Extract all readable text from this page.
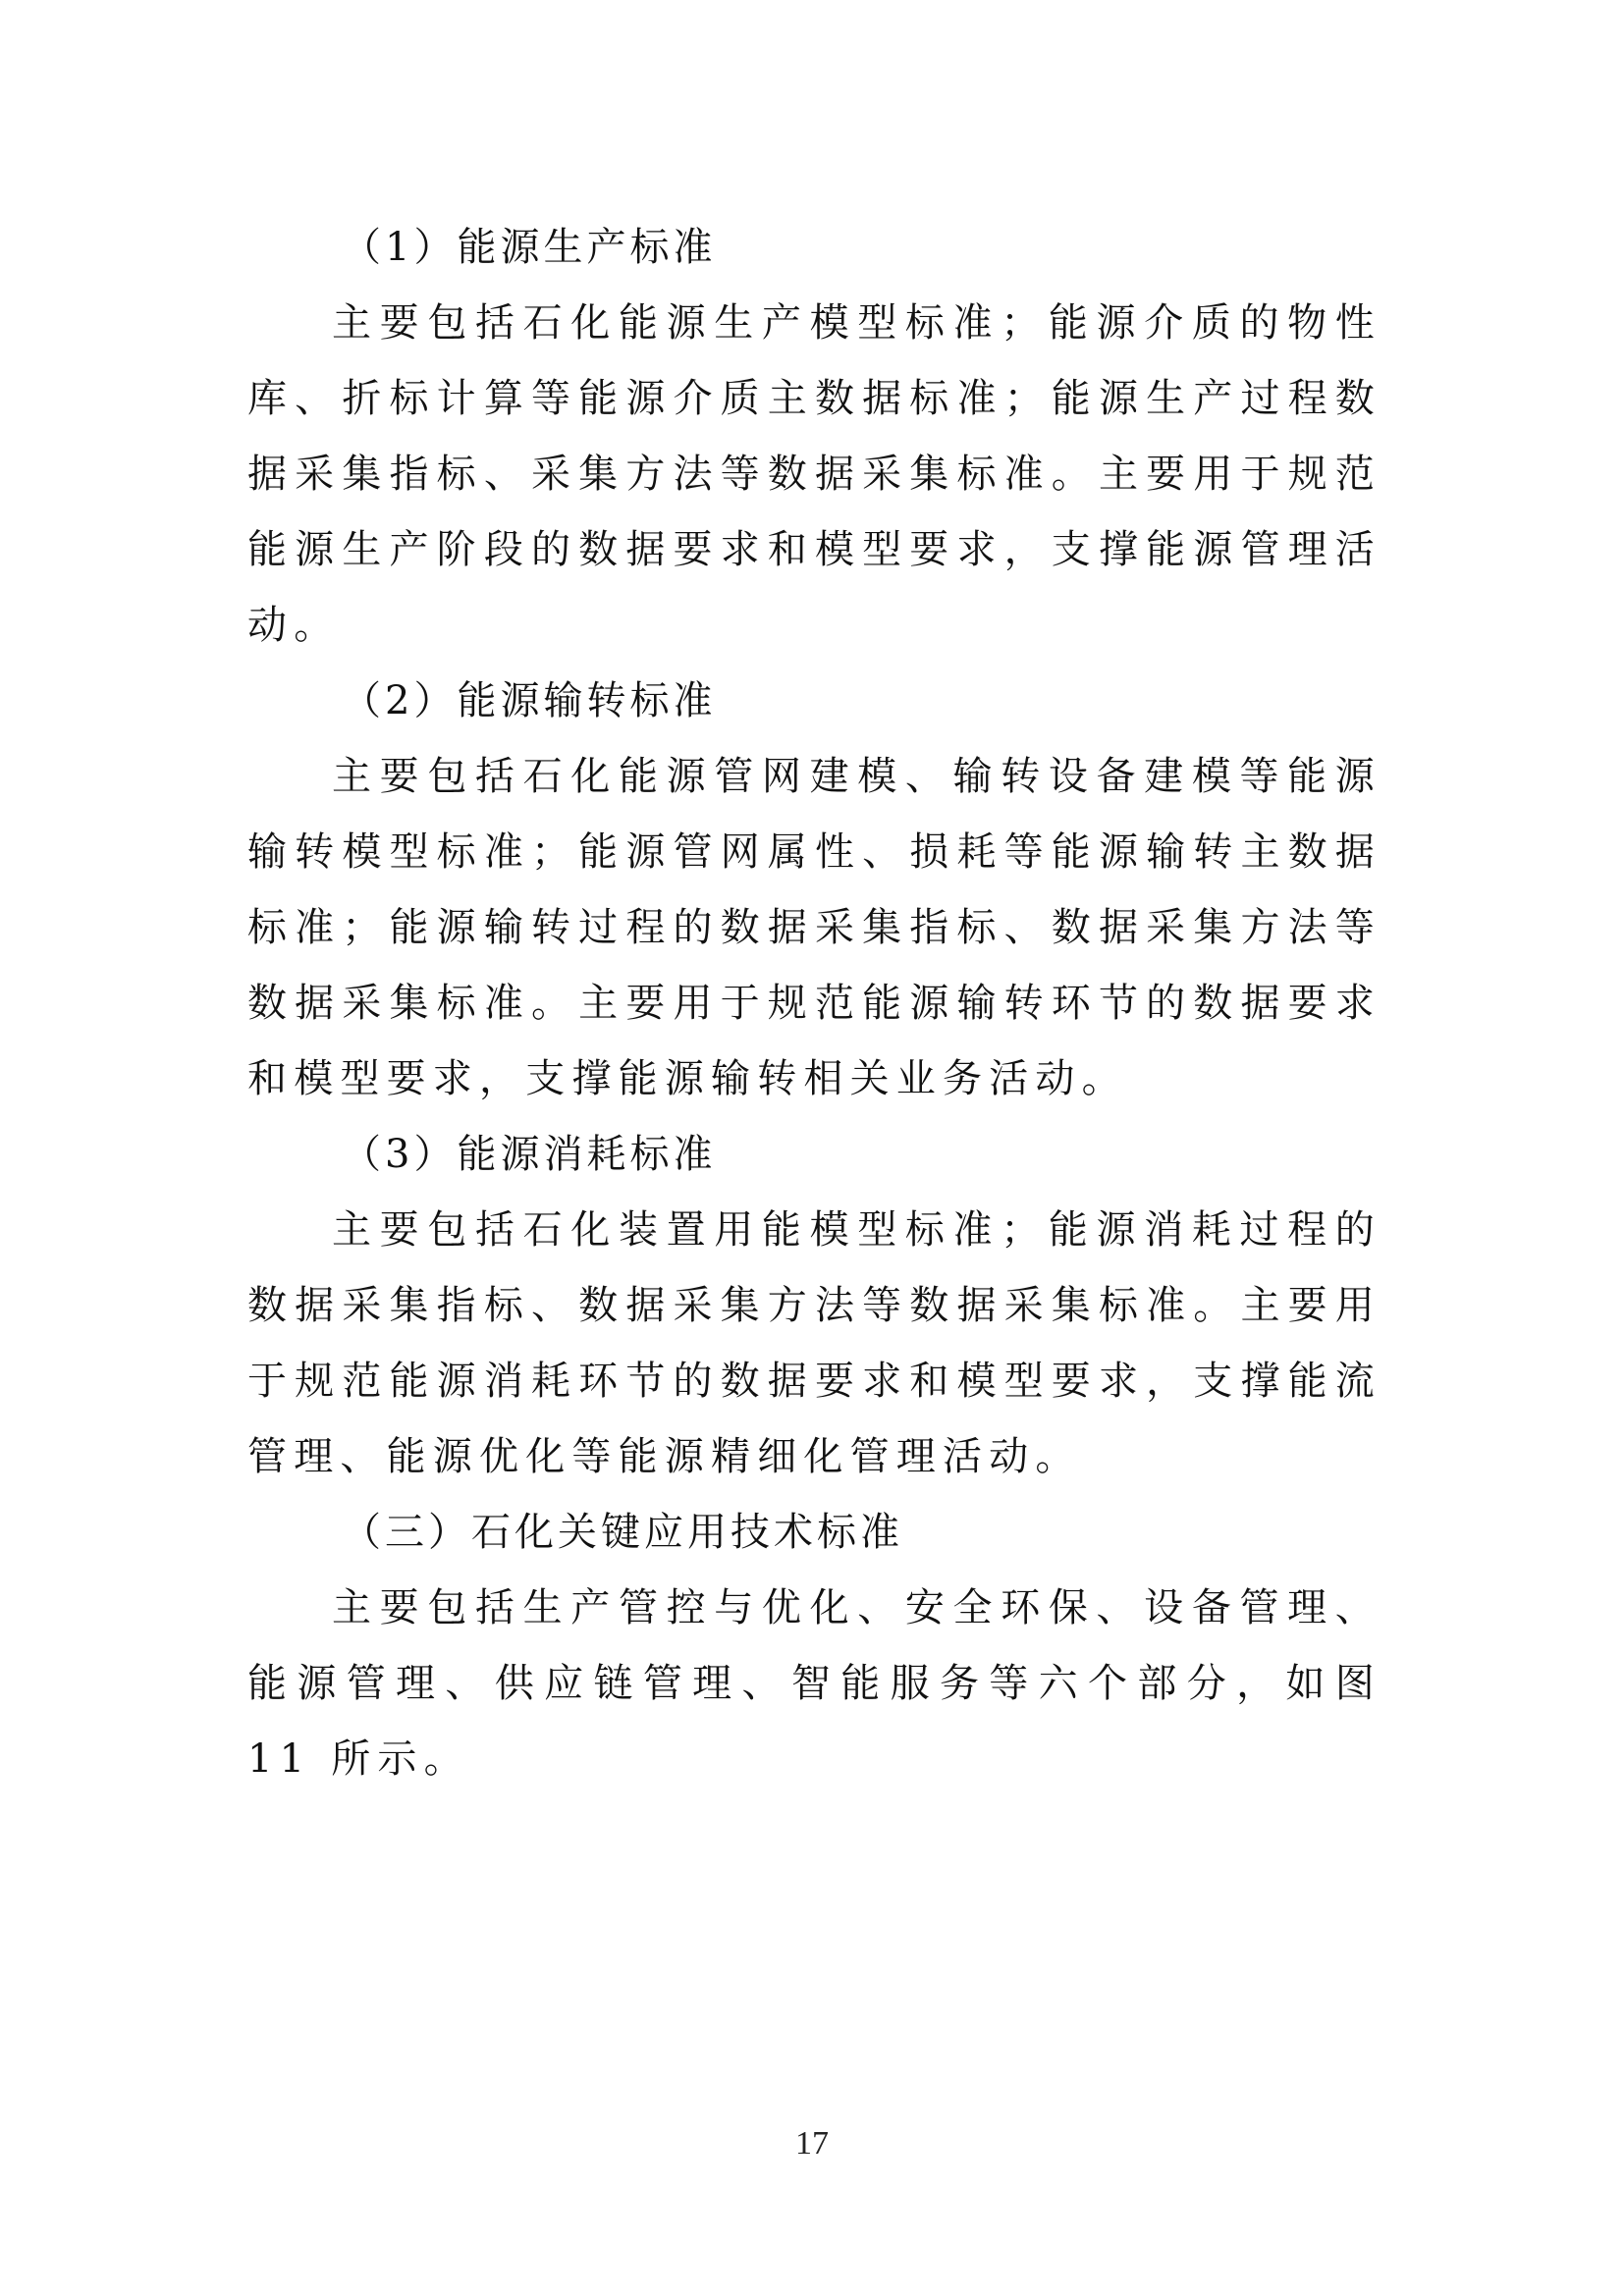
（1）能源生产标准

主要包括石化能源生产模型标准；能源介质的物性库、折标计算等能源介质主数据标准；能源生产过程数据采集指标、采集方法等数据采集标准。主要用于规范能源生产阶段的数据要求和模型要求，支撑能源管理活动。

（2）能源输转标准

主要包括石化能源管网建模、输转设备建模等能源输转模型标准；能源管网属性、损耗等能源输转主数据标准；能源输转过程的数据采集指标、数据采集方法等数据采集标准。主要用于规范能源输转环节的数据要求和模型要求，支撑能源输转相关业务活动。

（3）能源消耗标准

主要包括石化装置用能模型标准；能源消耗过程的数据采集指标、数据采集方法等数据采集标准。主要用于规范能源消耗环节的数据要求和模型要求，支撑能流管理、能源优化等能源精细化管理活动。

（三）石化关键应用技术标准

主要包括生产管控与优化、安全环保、设备管理、能源管理、供应链管理、智能服务等六个部分，如图 11 所示。

17
